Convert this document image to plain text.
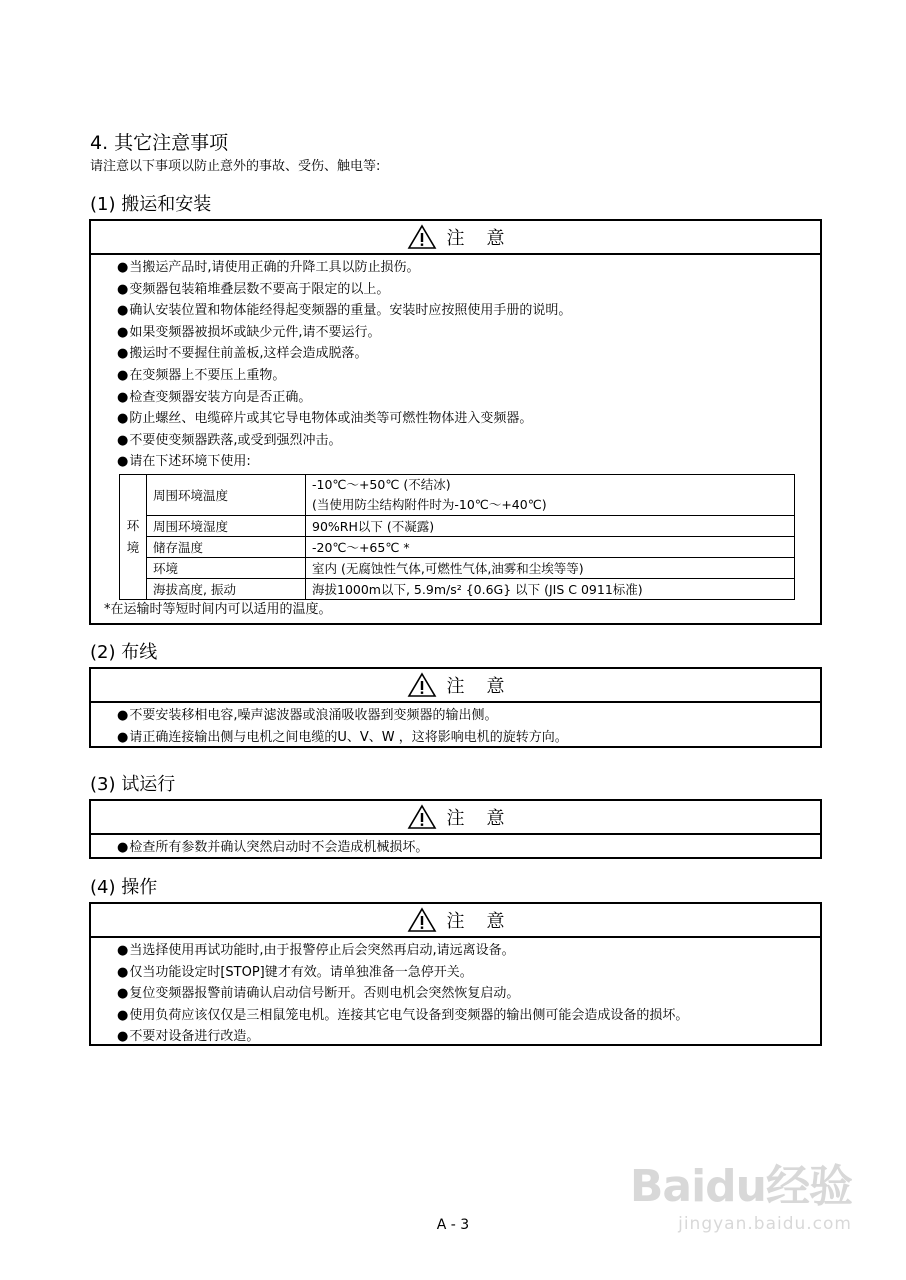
4. 其它注意事项
请注意以下事项以防止意外的事故、受伤、触电等:
(1) 搬运和安装
注意
●当搬运产品时,请使用正确的升降工具以防止损伤。
●变频器包装箱堆叠层数不要高于限定的以上。
●确认安装位置和物体能经得起变频器的重量。安装时应按照使用手册的说明。
●如果变频器被损坏或缺少元件,请不要运行。
●搬运时不要握住前盖板,这样会造成脱落。
●在变频器上不要压上重物。
●检查变频器安装方向是否正确。
●防止螺丝、电缆碎片或其它导电物体或油类等可燃性物体进入变频器。
●不要使变频器跌落,或受到强烈冲击。
●请在下述环境下使用:
环
境	周围环境温度	-10℃～+50℃ (不结冰)
(当使用防尘结构附件时为-10℃～+40℃)
	周围环境湿度	90%RH以下 (不凝露)
	储存温度	-20℃～+65℃ *
	环境	室内 (无腐蚀性气体,可燃性气体,油雾和尘埃等等)
	海拔高度, 振动	海拔1000m以下, 5.9m/s² {0.6G} 以下 (JIS C 0911标准)
*在运输时等短时间内可以适用的温度。
(2) 布线
注意
●不要安装移相电容,噪声滤波器或浪涌吸收器到变频器的输出侧。
●请正确连接输出侧与电机之间电缆的U、V、W ，这将影响电机的旋转方向。
(3) 试运行
注意
●检查所有参数并确认突然启动时不会造成机械损坏。
(4) 操作
注意
●当选择使用再试功能时,由于报警停止后会突然再启动,请远离设备。
●仅当功能设定时[STOP]键才有效。请单独准备一急停开关。
●复位变频器报警前请确认启动信号断开。否则电机会突然恢复启动。
●使用负荷应该仅仅是三相鼠笼电机。连接其它电气设备到变频器的输出侧可能会造成设备的损坏。
●不要对设备进行改造。
Baidu经验
jingyan.baidu.com
A - 3
